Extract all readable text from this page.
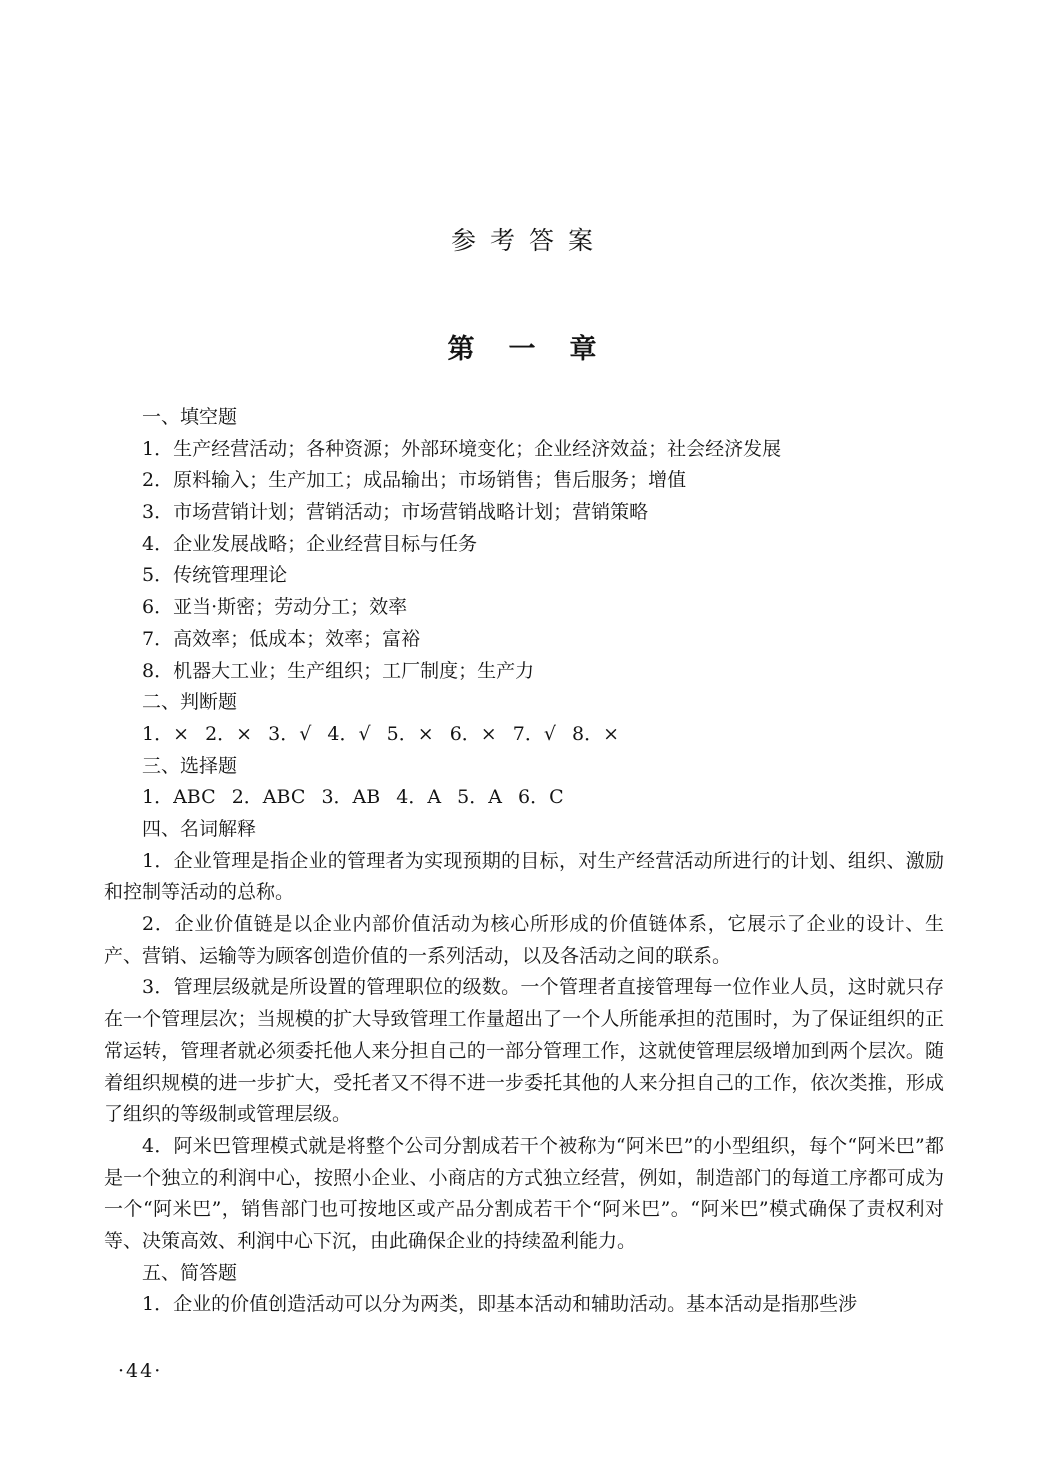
参考答案
第一章
一、填空题
1．生产经营活动；各种资源；外部环境变化；企业经济效益；社会经济发展
2．原料输入；生产加工；成品输出；市场销售；售后服务；增值
3．市场营销计划；营销活动；市场营销战略计划；营销策略
4．企业发展战略；企业经营目标与任务
5．传统管理理论
6．亚当·斯密；劳动分工；效率
7．高效率；低成本；效率；富裕
8．机器大工业；生产组织；工厂制度；生产力
二、判断题
1．× 2．× 3．√ 4．√ 5．× 6．× 7．√ 8．×
三、选择题
1．ABC 2．ABC 3．AB 4．A 5．A 6．C
四、名词解释
1．企业管理是指企业的管理者为实现预期的目标，对生产经营活动所进行的计划、组织、激励和控制等活动的总称。
2．企业价值链是以企业内部价值活动为核心所形成的价值链体系，它展示了企业的设计、生产、营销、运输等为顾客创造价值的一系列活动，以及各活动之间的联系。
3．管理层级就是所设置的管理职位的级数。一个管理者直接管理每一位作业人员，这时就只存在一个管理层次；当规模的扩大导致管理工作量超出了一个人所能承担的范围时，为了保证组织的正常运转，管理者就必须委托他人来分担自己的一部分管理工作，这就使管理层级增加到两个层次。随着组织规模的进一步扩大，受托者又不得不进一步委托其他的人来分担自己的工作，依次类推，形成了组织的等级制或管理层级。
4．阿米巴管理模式就是将整个公司分割成若干个被称为“阿米巴”的小型组织，每个“阿米巴”都是一个独立的利润中心，按照小企业、小商店的方式独立经营，例如，制造部门的每道工序都可成为一个“阿米巴”，销售部门也可按地区或产品分割成若干个“阿米巴”。“阿米巴”模式确保了责权利对等、决策高效、利润中心下沉，由此确保企业的持续盈利能力。
五、简答题
1．企业的价值创造活动可以分为两类，即基本活动和辅助活动。基本活动是指那些涉
·44·
